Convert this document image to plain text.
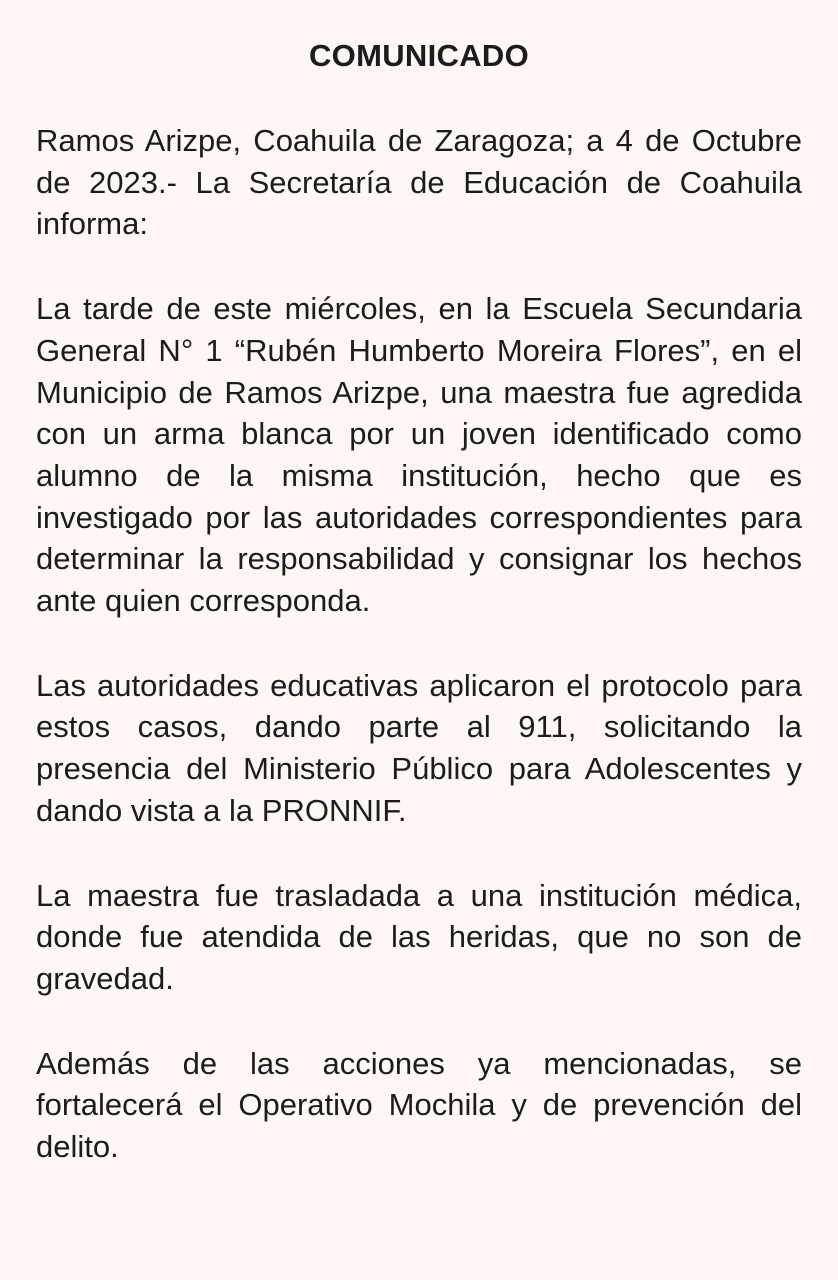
COMUNICADO

Ramos Arizpe, Coahuila de Zaragoza; a 4 de Octubre de 2023.- La Secretaría de Educación de Coahuila informa:

La tarde de este miércoles, en la Escuela Secundaria General N° 1 “Rubén Humberto Moreira Flores”, en el Municipio de Ramos Arizpe, una maestra fue agredida con un arma blanca por un joven identificado como alumno de la misma institución, hecho que es investigado por las autoridades correspondientes para determinar la responsabilidad y consignar los hechos ante quien corresponda.

Las autoridades educativas aplicaron el protocolo para estos casos, dando parte al 911, solicitando la presencia del Ministerio Público para Adolescentes y dando vista a la PRONNIF.

La maestra fue trasladada a una institución médica, donde fue atendida de las heridas, que no son de gravedad.

Además de las acciones ya mencionadas, se fortalecerá el Operativo Mochila y de prevención del delito.
